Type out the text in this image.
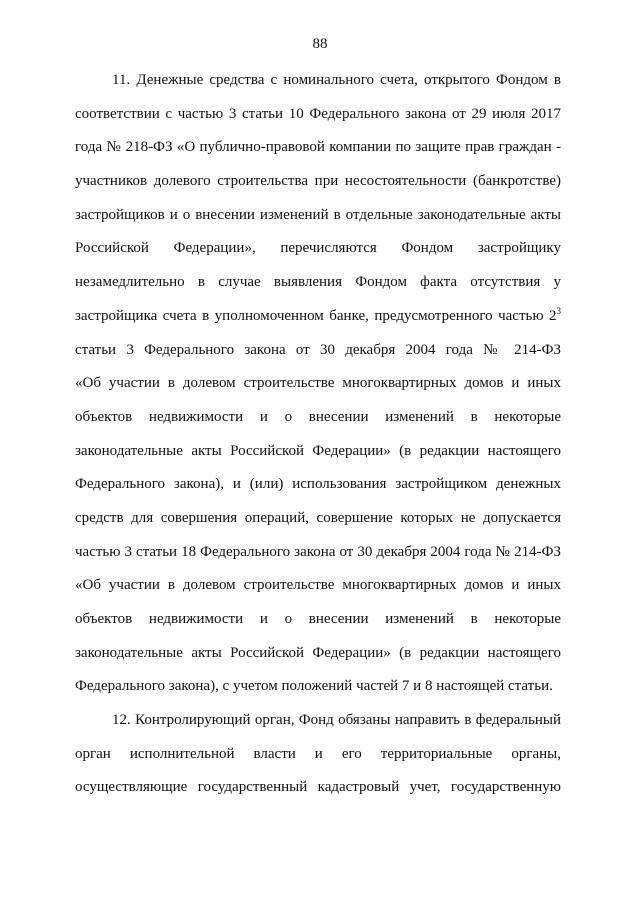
88
11. Денежные средства с номинального счета, открытого Фондом в
соответствии с частью 3 статьи 10 Федерального закона от 29 июля 2017
года № 218-ФЗ «О публично-правовой компании по защите прав граждан -
участников долевого строительства при несостоятельности (банкротстве)
застройщиков и о внесении изменений в отдельные законодательные акты
Российской Федерации», перечисляются Фондом застройщику
незамедлительно в случае выявления Фондом факта отсутствия у
застройщика счета в уполномоченном банке, предусмотренного частью $2^3$
статьи 3 Федерального закона от 30 декабря 2004 года № 214-ФЗ
«Об участии в долевом строительстве многоквартирных домов и иных
объектов недвижимости и о внесении изменений в некоторые
законодательные акты Российской Федерации» (в редакции настоящего
Федерального закона), и (или) использования застройщиком денежных
средств для совершения операций, совершение которых не допускается
частью 3 статьи 18 Федерального закона от 30 декабря 2004 года № 214-ФЗ
«Об участии в долевом строительстве многоквартирных домов и иных
объектов недвижимости и о внесении изменений в некоторые
законодательные акты Российской Федерации» (в редакции настоящего
Федерального закона), с учетом положений частей 7 и 8 настоящей статьи.
12. Контролирующий орган, Фонд обязаны направить в федеральный
орган исполнительной власти и его территориальные органы,
осуществляющие государственный кадастровый учет, государственную
